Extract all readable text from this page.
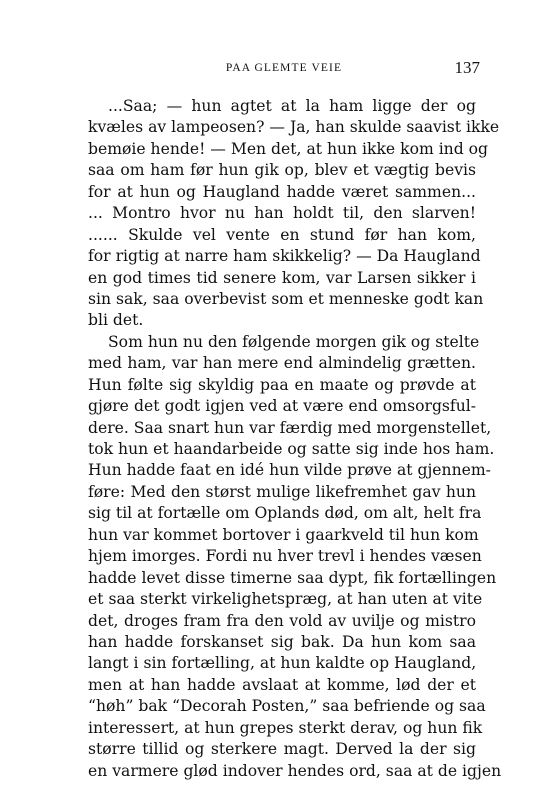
PAA GLEMTE VEIE	137
...Saa; — hun agtet at la ham ligge der og
kvæles av lampeosen? — Ja, han skulde saavist ikke
bemøie hende! — Men det, at hun ikke kom ind og
saa om ham før hun gik op, blev et vægtig bevis
for at hun og Haugland hadde været sammen...
... Montro hvor nu han holdt til, den slarven!
...... Skulde vel vente en stund før han kom,
for rigtig at narre ham skikkelig? — Da Haugland
en god times tid senere kom, var Larsen sikker i
sin sak, saa overbevist som et menneske godt kan
bli det.
Som hun nu den følgende morgen gik og stelte
med ham, var han mere end almindelig grætten.
Hun følte sig skyldig paa en maate og prøvde at
gjøre det godt igjen ved at være end omsorgsful-
dere. Saa snart hun var færdig med morgenstellet,
tok hun et haandarbeide og satte sig inde hos ham.
Hun hadde faat en idé hun vilde prøve at gjennem-
føre: Med den størst mulige likefremhet gav hun
sig til at fortælle om Oplands død, om alt, helt fra
hun var kommet bortover i gaarkveld til hun kom
hjem imorges. Fordi nu hver trevl i hendes væsen
hadde levet disse timerne saa dypt, fik fortællingen
et saa sterkt virkelighetspræg, at han uten at vite
det, droges fram fra den vold av uvilje og mistro
han hadde forskanset sig bak. Da hun kom saa
langt i sin fortælling, at hun kaldte op Haugland,
men at han hadde avslaat at komme, lød der et
“høh” bak “Decorah Posten,” saa befriende og saa
interessert, at hun grepes sterkt derav, og hun fik
større tillid og sterkere magt. Derved la der sig
en varmere glød indover hendes ord, saa at de igjen
